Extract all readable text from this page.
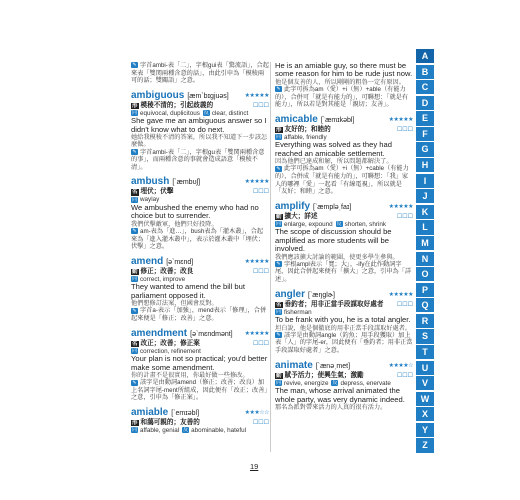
✎ 字首ambi-表「二」，字根gui表「驚流語」，合起來表「雙関兩種含意的話」，由此引申為「模稜兩可的話；雙關語」之意。
ambiguous [æmˋbɪgjuəs]	★★★★★
形 模稜不清的；引起歧義的	☐☐☐
同 equivocal, duplicitous 反 clear, distinct
She gave me an ambiguous answer so I didn't know what to do next.
她給我模稜不清的答案，所以我不知道下一步該怎麼做。
✎ 字首ambi-表「二」，字根gu表「雙関兩種含意的事」，而兩種含意的事就會造成語意「模稜不清」。
ambush [ˋæmbʊʃ]	★★★★★
名 埋伏；伏擊	☐☐☐
同 waylay
We ambushed the enemy who had no choice but to surrender.
我們伏擊敵軍，他們只好投降。
✎ am-表為「進…」，bush表為「灌木叢」，合起來為「進入灌木叢中」，表示於灌木叢中「埋伏；伏擊」之意。
amend [əˋmɛnd]	★★★★★
動 修正；改善；改良	☐☐☐
同 correct, improve
They wanted to amend the bill but parliament opposed it.
他們想修訂法案，但國會反對。
✎ 字首a-表示「加強」，mend表示「修理」，合併起來便是「修正；改善」之意。
amendment [əˋmɛndmənt] ★★★★★
名 改正；改善；修正案	☐☐☐
同 correction, refinement
Your plan is not so practical; you'd better make some amendment.
你的計畫不是很實用，你最好做一些修改。
✎ 該字是由動詞amend（修正；改善；改良）加上名詞字尾-ment所組成，因此便有「改正；改善」之意，引申為「修正案」。
amiable [ˋemɪəbl]	★★★☆☆
形 和藹可親的；友善的	☐☐☐
同 affable, genial 反 abominable, hateful
He is an amiable guy, so there must be some reason for him to be rude just now.
他是個友善的人，所以剛剛的粗魯一定有原因。
✎ 此字可拆為am（愛）+i（無）+able（有能力的），合併可「就是有能力的」，可聯想：「就是有能力」，所以若是對其能是「親切；友善」。
amicable [ˋæmɪkəbl]	★★★★★
形 友好的；和睦的	☐☐☐
同 affable, friendly
Everything was solved as they had reached an amicable settlement.
因為他們已達成和解，所以問題都解決了。
✎ 此字可拆為am（愛）+i（無）+cable（有能力的），合併成「就是有能力的」，可聯想：「我」家人的哪裡「愛」一起看「有線電視」，所以就是「友好；和睦」之意。
amplify [ˋæmpləˌfaɪ]	★★★★★
動 擴大；詳述	☐☐☐
同 enlarge, expound 反 shorten, shrink
The scope of discussion should be amplified as more students will be involved.
我們應該擴大討論的範圍，使更多學生參與。
✎ 字根ampl表示「寬；大」，-ify在此作動詞字尾，因此合併起來便有「擴大」之意，引申為「詳述」。
angler [ˋæŋglɚ]	★★★★★
名 垂釣者；用非正當手段謀取好處者 ☐☐☐
同 fisherman
To be frank with you, he is a total angler.
坦白說，他是個徹底的用非正當手段謀取好處者。
✎ 該字是由動詞angle（釣魚；用手段獲取）加上表「人」的字尾-er，因此便有「垂釣者；用非正當手段謀取好處者」之意。
animate [ˋænəˌmet]	★★★★☆
動 賦予活力；使興生氣；激勵	☐☐☐
同 revive, energize 反 depress, enervate
The man, whose arrival animated the whole party, was very dynamic indeed.
那名為派對帶來活力的人真的很有活力。
19
A
B
C
D
E
F
G
H
I
J
K
L
M
N
O
P
Q
R
S
T
U
V
W
X
Y
Z
